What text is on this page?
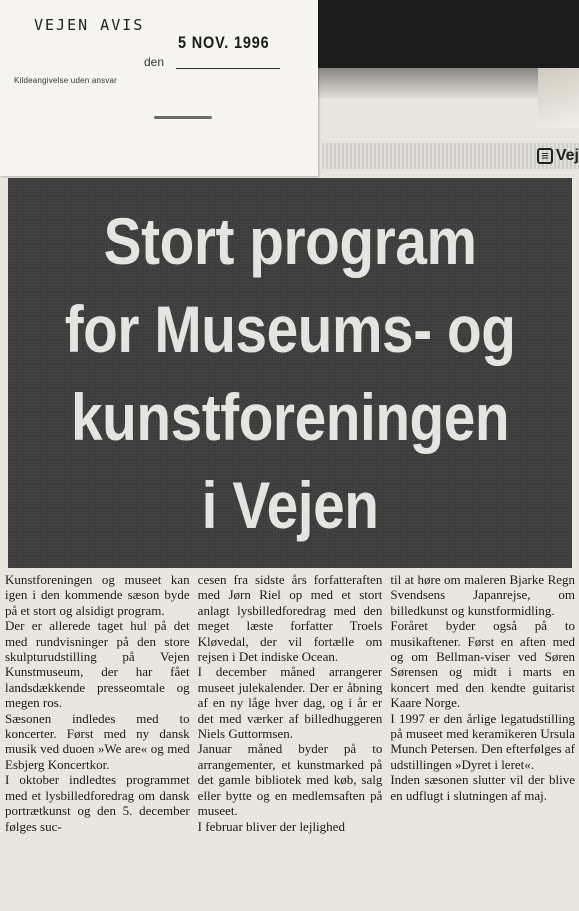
VEJEN AVIS
5 NOV. 1996
den
Kildeangivelse uden ansvar
≡ Vej
Stort program
for Museums- og
kunstforeningen
i Vejen

Kunstforeningen og museet kan igen i den kommende sæson byde på et stort og alsidigt program.

Der er allerede taget hul på det med rundvisninger på den store skulpturudstilling på Vejen Kunstmuseum, der har fået landsdækkende presseomtale og megen ros.

Sæsonen indledes med to koncerter. Først med ny dansk musik ved duoen »We are« og med Esbjerg Koncertkor.

I oktober indledtes programmet med et lysbilledforedrag om dansk portrætkunst og den 5. december følges suc-

cesen fra sidste års forfatteraften med Jørn Riel op med et stort anlagt lysbilledforedrag med den meget læste forfatter Troels Kløvedal, der vil fortælle om rejsen i Det indiske Ocean.

I december måned arrangerer museet julekalender. Der er åbning af en ny låge hver dag, og i år er det med værker af billedhuggeren Niels Guttormsen.

Januar måned byder på to arrangementer, et kunstmarked på det gamle bibliotek med køb, salg eller bytte og en medlemsaften på museet.

I februar bliver der lejlighed

til at høre om maleren Bjarke Regn Svendsens Japanrejse, om billedkunst og kunstformidling.

Foråret byder også på to musikaftener. Først en aften med og om Bellman-viser ved Søren Sørensen og midt i marts en koncert med den kendte guitarist Kaare Norge.

I 1997 er den årlige legatudstilling på museet med keramikeren Ursula Munch Petersen. Den efterfølges af udstillingen »Dyret i leret«.

Inden sæsonen slutter vil der blive en udflugt i slutningen af maj.
